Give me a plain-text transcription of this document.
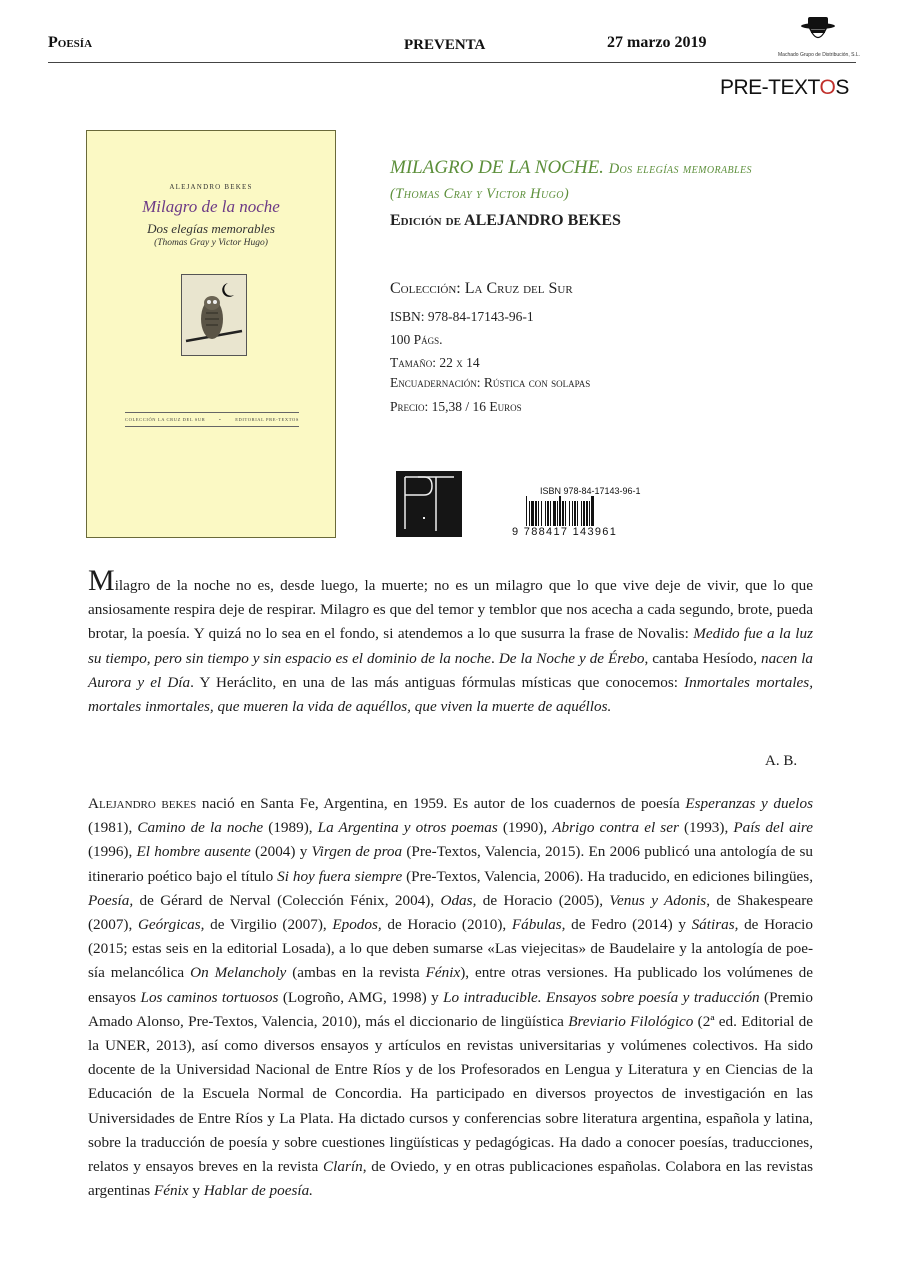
Poesía	PREVENTA	27 marzo 2019
Machado Grupo de Distribución, S.L.
PRE-TEXTOS
ALEJANDRO BEKES
Milagro de la noche
Dos elegías memorables
(Thomas Gray y Victor Hugo)
COLECCIÓN LA CRUZ DEL SUR	•	EDITORIAL PRE-TEXTOS
MILAGRO DE LA NOCHE. Dos elegías memorables
(Thomas Cray y Victor Hugo)
Edición de ALEJANDRO BEKES
Colección: La Cruz del Sur
ISBN: 978-84-17143-96-1
100 Págs.
Tamaño: 22 x 14
Encuadernación: Rústica con solapas
Precio: 15,38 / 16 Euros
ISBN 978-84-17143-96-1
9 788417 143961
Milagro de la noche no es, desde luego, la muerte; no es un milagro que lo que vive deje de vivir, que lo que ansiosamente respira deje de respirar. Milagro es que del temor y temblor que nos acecha a cada segundo, brote, pueda brotar, la poesía. Y quizá no lo sea en el fondo, si atendemos a lo que susurra la frase de Novalis: Medido fue a la luz su tiempo, pero sin tiempo y sin espacio es el dominio de la noche. De la Noche y de Érebo, cantaba Hesíodo, nacen la Aurora y el Día. Y Heráclito, en una de las más antiguas fórmulas místicas que conocemos: Inmortales mortales, mortales inmortales, que mueren la vida de aquéllos, que viven la muerte de aquéllos.
A. B.
Alejandro bekes nació en Santa Fe, Argentina, en 1959. Es autor de los cuadernos de poesía Esperanzas y duelos (1981), Camino de la noche (1989), La Argentina y otros poemas (1990), Abrigo contra el ser (1993), País del aire (1996), El hombre ausente (2004) y Virgen de proa (Pre-Textos, Valencia, 2015). En 2006 publicó una antología de su itinerario poético bajo el título Si hoy fuera siempre (Pre-Textos, Valencia, 2006). Ha traducido, en ediciones bilingües, Poesía, de Gérard de Nerval (Colección Fénix, 2004), Odas, de Horacio (2005), Venus y Adonis, de Shakespeare (2007), Geórgicas, de Virgilio (2007), Epodos, de Horacio (2010), Fábulas, de Fedro (2014) y Sátiras, de Horacio (2015; estas seis en la editorial Losada), a lo que deben sumarse «Las viejecitas» de Baudelaire y la antología de poe-sía melancólica On Melancholy (ambas en la revista Fénix), entre otras versiones. Ha publicado los volúmenes de ensayos Los caminos tortuosos (Logroño, AMG, 1998) y Lo intraducible. Ensayos sobre poesía y traducción (Premio Amado Alonso, Pre-Textos, Valencia, 2010), más el diccionario de lingüística Breviario Filológico (2ª ed. Editorial de la UNER, 2013), así como diversos ensayos y artículos en revistas universitarias y volúmenes colectivos. Ha sido docente de la Universidad Nacional de Entre Ríos y de los Profesorados en Lengua y Literatura y en Ciencias de la Educación de la Escuela Normal de Concordia. Ha participado en diversos proyectos de investigación en las Universidades de Entre Ríos y La Plata. Ha dictado cursos y conferencias sobre literatura argentina, española y latina, sobre la traducción de poesía y sobre cuestiones lingüísticas y pedagógicas. Ha dado a conocer poesías, traducciones, relatos y ensayos breves en la revista Clarín, de Oviedo, y en otras publicaciones españolas. Colabora en las revistas argentinas Fénix y Hablar de poesía.
